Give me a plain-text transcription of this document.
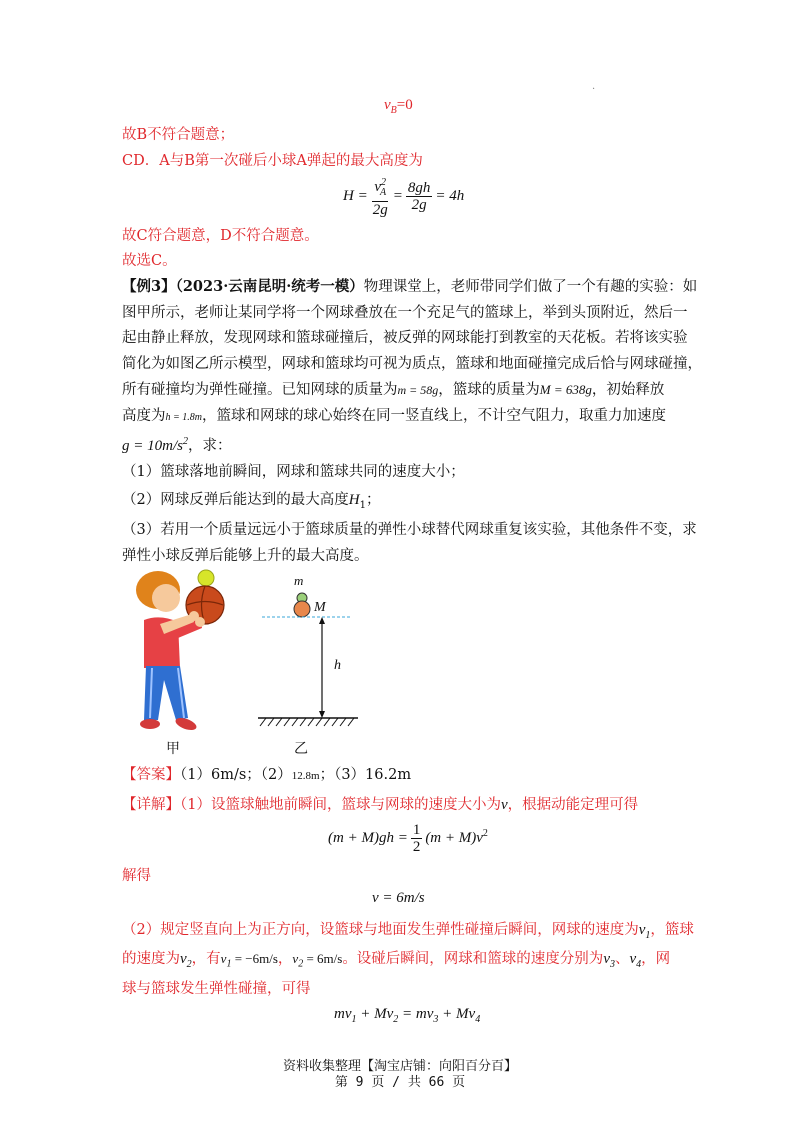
·
$v_B=0$
故B不符合题意；
CD．A与B第一次碰后小球A弹起的最大高度为
$H = \frac{v^2_A}{2g} = \frac{8gh}{2g} = 4h$
故C符合题意，D不符合题意。
故选C。
【例3】（2023·云南昆明·统考一模）物理课堂上，老师带同学们做了一个有趣的实验：如
图甲所示，老师让某同学将一个网球叠放在一个充足气的篮球上，举到头顶附近，然后一
起由静止释放，发现网球和篮球碰撞后，被反弹的网球能打到教室的天花板。若将该实验
简化为如图乙所示模型，网球和篮球均可视为质点，篮球和地面碰撞完成后恰与网球碰撞，
所有碰撞均为弹性碰撞。已知网球的质量为m = 58g，篮球的质量为M = 638g，初始释放
高度为h = 1.8m，篮球和网球的球心始终在同一竖直线上，不计空气阻力，取重力加速度
$g = 10m/s^2$，求：
（1）篮球落地前瞬间，网球和篮球共同的速度大小；
（2）网球反弹后能达到的最大高度$H_1$；
（3）若用一个质量远远小于篮球质量的弹性小球替代网球重复该实验，其他条件不变，求
弹性小球反弹后能够上升的最大高度。
甲
m
M
h
乙
【答案】（1）6m/s；（2）12.8m；（3）16.2m
【详解】（1）设篮球触地前瞬间，篮球与网球的速度大小为v，根据动能定理可得
$(m + M)gh = \frac{1}{2} (m + M)v^2$
解得
v = 6m/s
（2）规定竖直向上为正方向，设篮球与地面发生弹性碰撞后瞬间，网球的速度为$v_1$，篮球
的速度为$v_2$，有$v_1 = -6m/s$，$v_2 = 6m/s$。设碰后瞬间，网球和篮球的速度分别为$v_3$、$v_4$，网
球与篮球发生弹性碰撞，可得
$mv_1 + Mv_2 = mv_3 + Mv_4$
资料收集整理【淘宝店铺：向阳百分百】
第 9 页 / 共 66 页
